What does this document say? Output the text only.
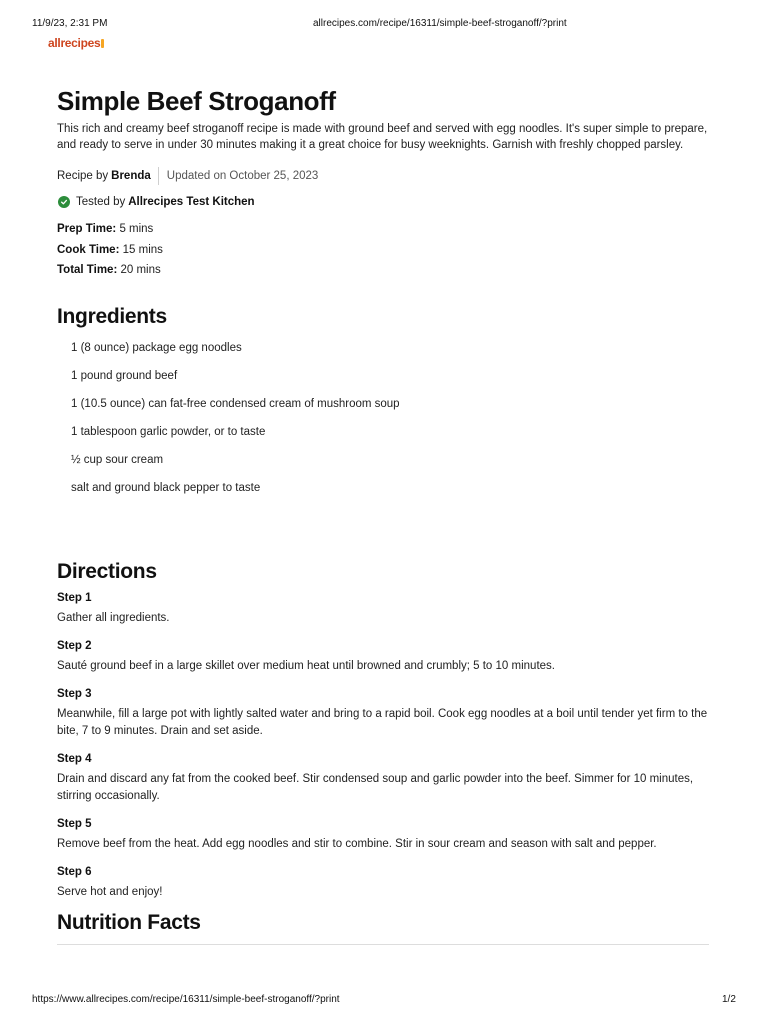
11/9/23, 2:31 PM	allrecipes.com/recipe/16311/simple-beef-stroganoff/?print
allrecipes
Simple Beef Stroganoff

This rich and creamy beef stroganoff recipe is made with ground beef and served with egg noodles. It's super simple to prepare, and ready to serve in under 30 minutes making it a great choice for busy weeknights. Garnish with freshly chopped parsley.

Recipe by Brenda Updated on October 25, 2023
Tested by Allrecipes Test Kitchen
Prep Time: 5 mins
Cook Time: 15 mins
Total Time: 20 mins
Ingredients
1 (8 ounce) package egg noodles
1 pound ground beef
1 (10.5 ounce) can fat-free condensed cream of mushroom soup
1 tablespoon garlic powder, or to taste
½ cup sour cream
salt and ground black pepper to taste
Directions
Step 1

Gather all ingredients.

Step 2

Sauté ground beef in a large skillet over medium heat until browned and crumbly; 5 to 10 minutes.

Step 3

Meanwhile, fill a large pot with lightly salted water and bring to a rapid boil. Cook egg noodles at a boil until tender yet firm to the bite, 7 to 9 minutes. Drain and set aside.

Step 4

Drain and discard any fat from the cooked beef. Stir condensed soup and garlic powder into the beef. Simmer for 10 minutes, stirring occasionally.

Step 5

Remove beef from the heat. Add egg noodles and stir to combine. Stir in sour cream and season with salt and pepper.

Step 6

Serve hot and enjoy!

Nutrition Facts
https://www.allrecipes.com/recipe/16311/simple-beef-stroganoff/?print	1/2
